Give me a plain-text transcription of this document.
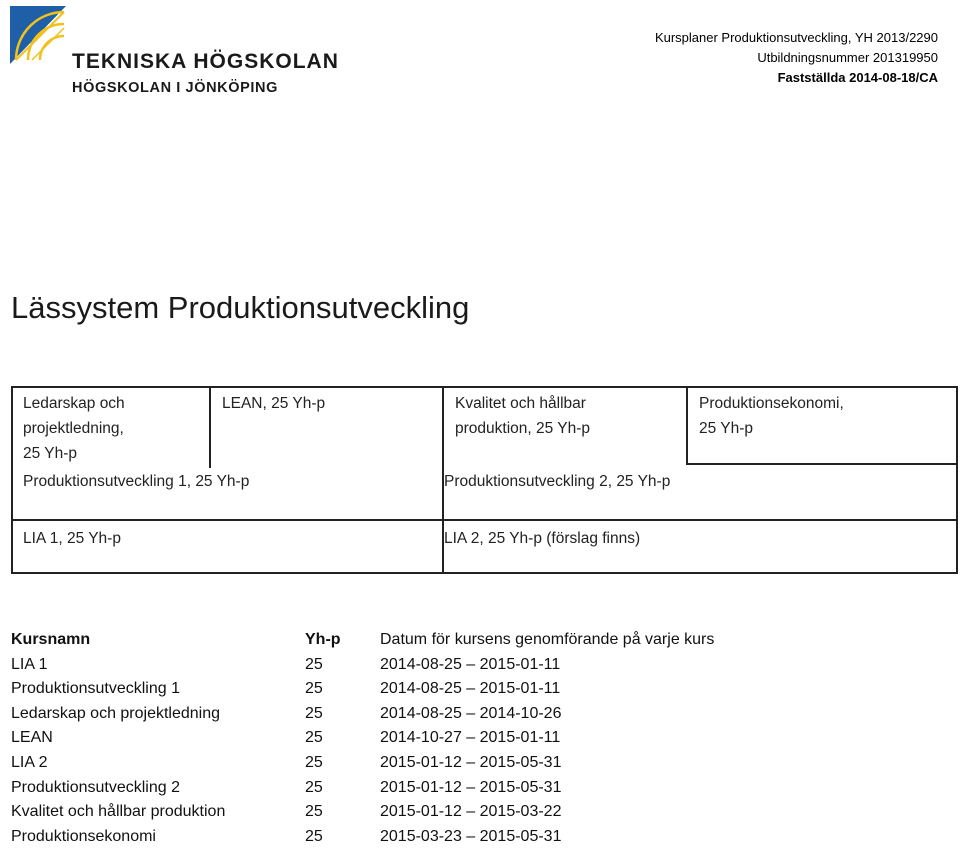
TEKNISKA HÖGSKOLAN
HÖGSKOLAN I JÖNKÖPING
Kursplaner Produktionsutveckling, YH 2013/2290
Utbildningsnummer 201319950
Fastställda 2014-08-18/CA
Lässystem Produktionsutveckling
Ledarskap och
projektledning,
25 Yh-p
LEAN, 25 Yh-p	Kvalitet och hållbar
produktion, 25 Yh-p
Produktionsekonomi,
25 Yh-p
Produktionsutveckling 1, 25 Yh-p	Produktionsutveckling 2, 25 Yh-p
LIA 1, 25 Yh-p	LIA 2, 25 Yh-p (förslag finns)
Kursnamn	Yh-p	Datum för kursens genomförande på varje kurs
LIA 1	25	2014-08-25 – 2015-01-11
Produktionsutveckling 1	25	2014-08-25 – 2015-01-11
Ledarskap och projektledning	25	2014-08-25 – 2014-10-26
LEAN	25	2014-10-27 – 2015-01-11
LIA 2	25	2015-01-12 – 2015-05-31
Produktionsutveckling 2	25	2015-01-12 – 2015-05-31
Kvalitet och hållbar produktion	25	2015-01-12 – 2015-03-22
Produktionsekonomi	25	2015-03-23 – 2015-05-31
